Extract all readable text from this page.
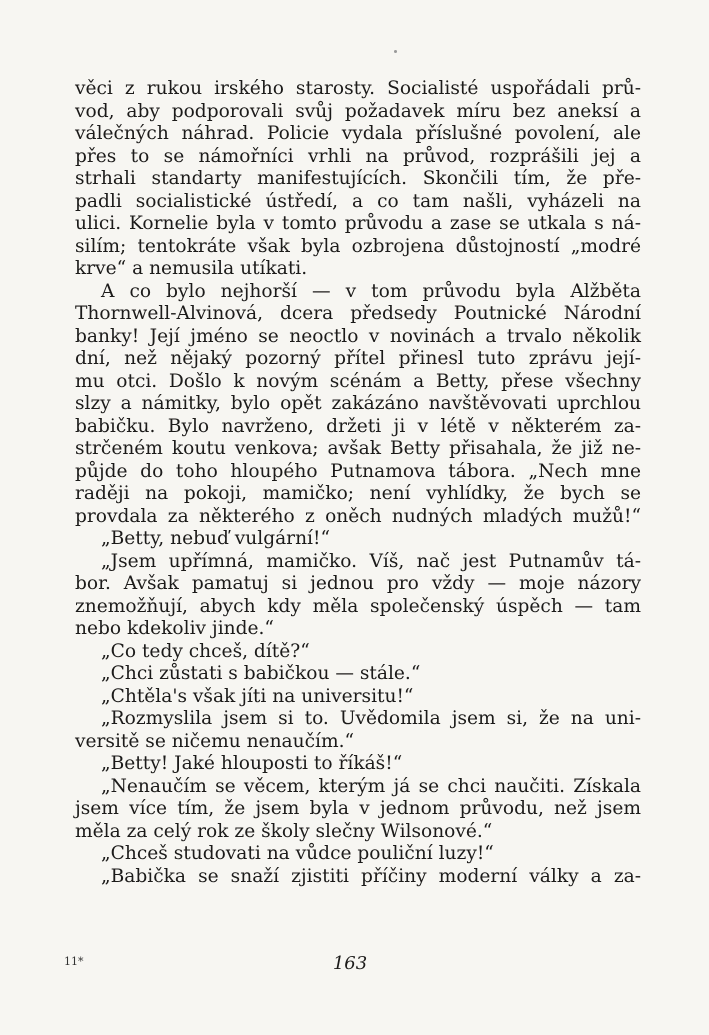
věci z rukou irského starosty. Socialisté uspořádali prů-
vod, aby podporovali svůj požadavek míru bez aneksí a
válečných náhrad. Policie vydala příslušné povolení, ale
přes to se námořníci vrhli na průvod, rozprášili jej a
strhali standarty manifestujících. Skončili tím, že pře-
padli socialistické ústředí, a co tam našli, vyházeli na
ulici. Kornelie byla v tomto průvodu a zase se utkala s ná-
silím; tentokráte však byla ozbrojena důstojností „modré
krve“ a nemusila utíkati.
A co bylo nejhorší — v tom průvodu byla Alžběta
Thornwell-Alvinová, dcera předsedy Poutnické Národní
banky! Její jméno se neoctlo v novinách a trvalo několik
dní, než nějaký pozorný přítel přinesl tuto zprávu její-
mu otci. Došlo k novým scénám a Betty, přese všechny
slzy a námitky, bylo opět zakázáno navštěvovati uprchlou
babičku. Bylo navrženo, držeti ji v létě v některém za-
strčeném koutu venkova; avšak Betty přisahala, že již ne-
půjde do toho hloupého Putnamova tábora. „Nech mne
raději na pokoji, mamičko; není vyhlídky, že bych se
provdala za některého z oněch nudných mladých mužů!“
„Betty, nebuď vulgární!“
„Jsem upřímná, mamičko. Víš, nač jest Putnamův tá-
bor. Avšak pamatuj si jednou pro vždy — moje názory
znemožňují, abych kdy měla společenský úspěch — tam
nebo kdekoliv jinde.“
„Co tedy chceš, dítě?“
„Chci zůstati s babičkou — stále.“
„Chtěla's však jíti na universitu!“
„Rozmyslila jsem si to. Uvědomila jsem si, že na uni-
versitě se ničemu nenaučím.“
„Betty! Jaké hlouposti to říkáš!“
„Nenaučím se věcem, kterým já se chci naučiti. Získala
jsem více tím, že jsem byla v jednom průvodu, než jsem
měla za celý rok ze školy slečny Wilsonové.“
„Chceš studovati na vůdce pouliční luzy!“
„Babička se snaží zjistiti příčiny moderní války a za-
11*	163
